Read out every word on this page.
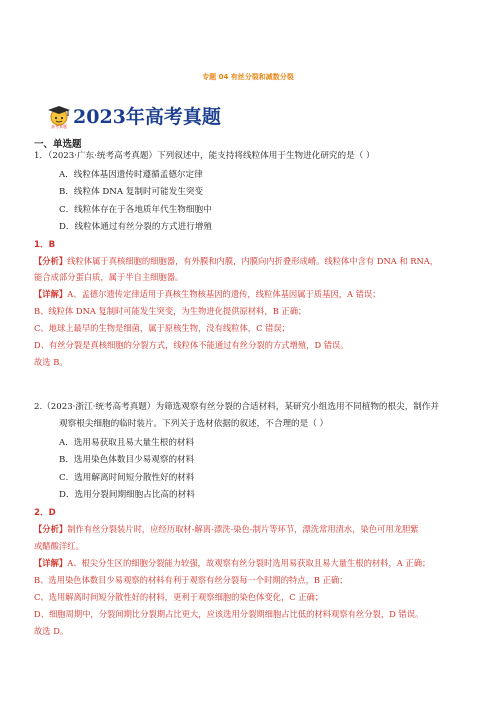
专题 04 有丝分裂和减数分裂
真考真题 2023年高考真题
一、单选题
1．（2023·广东·统考高考真题）下列叙述中，能支持将线粒体用于生物进化研究的是（ ）
A．线粒体基因遗传时遵循孟德尔定律
B．线粒体 DNA 复制时可能发生突变
C．线粒体存在于各地质年代生物细胞中
D．线粒体通过有丝分裂的方式进行增殖
1．B
【分析】线粒体属于真核细胞的细胞器，有外膜和内膜，内膜向内折叠形成嵴。线粒体中含有 DNA 和 RNA，
能合成部分蛋白质，属于半自主细胞器。
【详解】A、孟德尔遗传定律适用于真核生物核基因的遗传，线粒体基因属于质基因，A 错误；
B、线粒体 DNA 复制时可能发生突变，为生物进化提供原材料，B 正确；
C、地球上最早的生物是细菌，属于原核生物，没有线粒体，C 错误；
D、有丝分裂是真核细胞的分裂方式，线粒体不能通过有丝分裂的方式增殖，D 错误。
故选 B。
2.（2023·浙江·统考高考真题）为筛选观察有丝分裂的合适材料，某研究小组选用不同植物的根尖，制作并
观察根尖细胞的临时装片。下列关于选材依据的叙述，不合理的是（ ）
A．选用易获取且易大量生根的材料
B．选用染色体数目少易观察的材料
C．选用解离时间短分散性好的材料
D．选用分裂间期细胞占比高的材料
2．D
【分析】制作有丝分裂装片时，应经历取材-解离-漂洗-染色-制片等环节，漂洗常用清水，染色可用龙胆紫
或醋酸洋红。
【详解】A、根尖分生区的细胞分裂能力较强，故观察有丝分裂时选用易获取且易大量生根的材料，A 正确；
B、选用染色体数目少易观察的材料有利于观察有丝分裂每一个时期的特点，B 正确；
C、选用解离时间短分散性好的材料，更利于观察细胞的染色体变化，C 正确；
D、细胞周期中，分裂间期比分裂期占比更大，应该选用分裂期细胞占比低的材料观察有丝分裂，D 错误。
故选 D。
